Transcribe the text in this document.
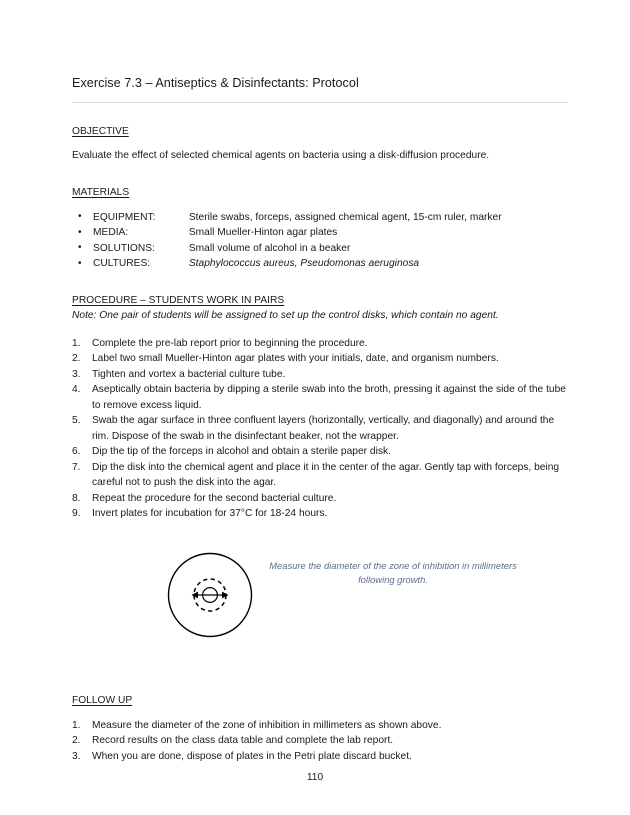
Exercise 7.3 – Antiseptics & Disinfectants: Protocol
OBJECTIVE
Evaluate the effect of selected chemical agents on bacteria using a disk-diffusion procedure.
MATERIALS
• EQUIPMENT:	Sterile swabs, forceps, assigned chemical agent, 15-cm ruler, marker
• MEDIA:	Small Mueller-Hinton agar plates
• SOLUTIONS:	Small volume of alcohol in a beaker
• CULTURES:	Staphylococcus aureus, Pseudomonas aeruginosa
PROCEDURE – STUDENTS WORK IN PAIRS
Note: One pair of students will be assigned to set up the control disks, which contain no agent.
1. Complete the pre-lab report prior to beginning the procedure.
2. Label two small Mueller-Hinton agar plates with your initials, date, and organism numbers.
3. Tighten and vortex a bacterial culture tube.
4. Aseptically obtain bacteria by dipping a sterile swab into the broth, pressing it against the side of the tube to remove excess liquid.
5. Swab the agar surface in three confluent layers (horizontally, vertically, and diagonally) and around the rim. Dispose of the swab in the disinfectant beaker, not the wrapper.
6. Dip the tip of the forceps in alcohol and obtain a sterile paper disk.
7. Dip the disk into the chemical agent and place it in the center of the agar. Gently tap with forceps, being careful not to push the disk into the agar.
8. Repeat the procedure for the second bacterial culture.
9. Invert plates for incubation for 37°C for 18-24 hours.
Measure the diameter of the zone of inhibition in millimeters following growth.
FOLLOW UP
1. Measure the diameter of the zone of inhibition in millimeters as shown above.
2. Record results on the class data table and complete the lab report.
3. When you are done, dispose of plates in the Petri plate discard bucket.
110
